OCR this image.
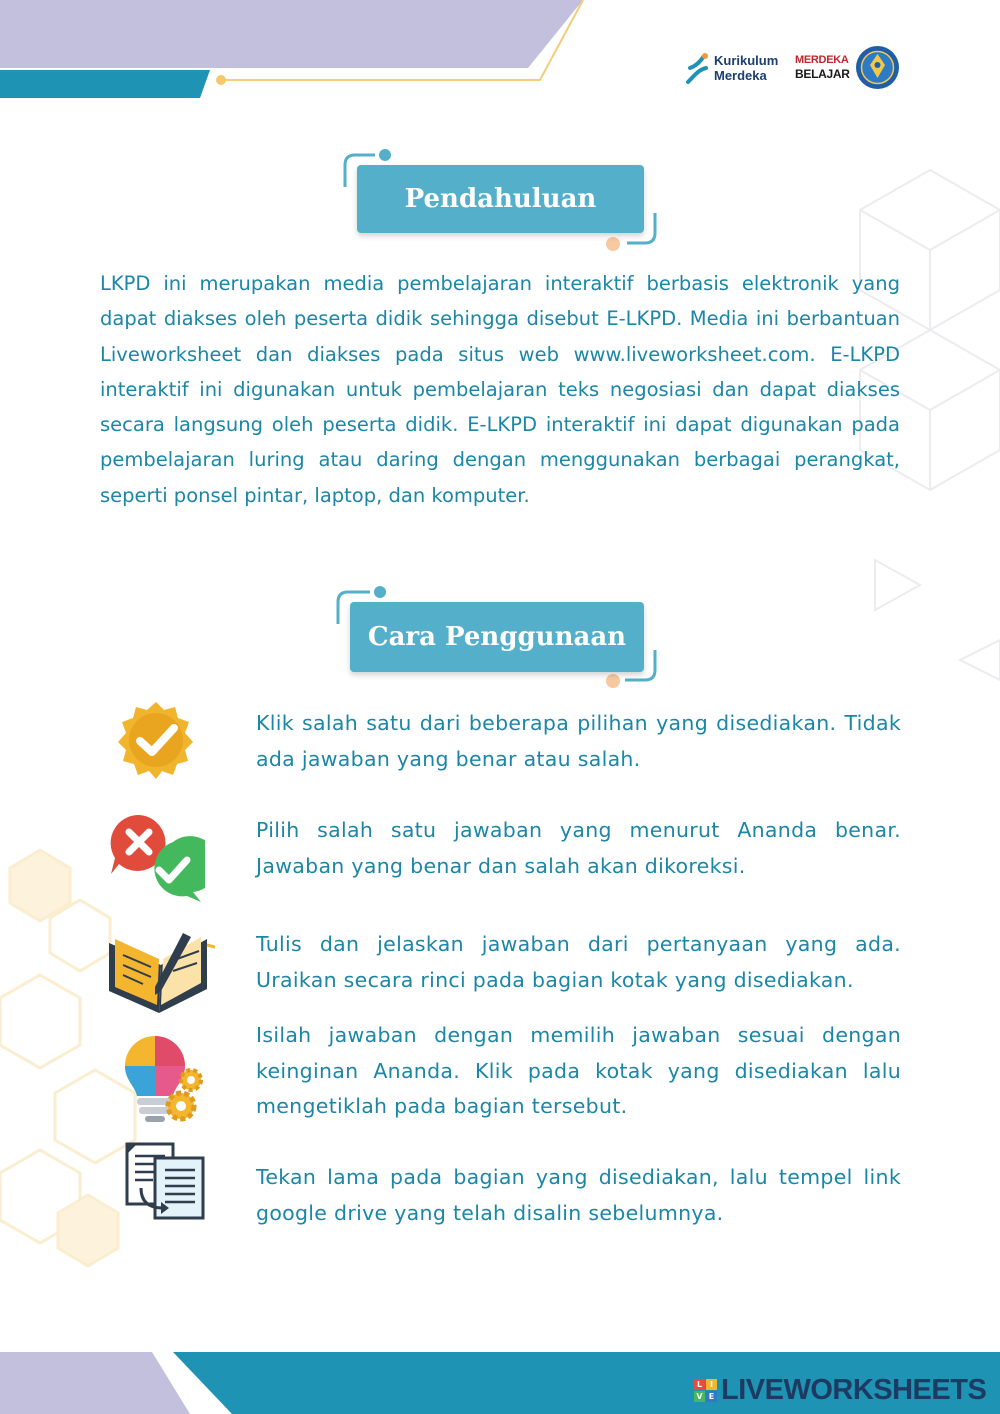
Kurikulum
Merdeka
MERDEKA
BELAJAR
Pendahuluan
LKPD ini merupakan media pembelajaran interaktif berbasis elektronik yang dapat diakses oleh peserta didik sehingga disebut E-LKPD. Media ini berbantuan Liveworksheet dan diakses pada situs web www.liveworksheet.com. E-LKPD interaktif ini digunakan untuk pembelajaran teks negosiasi dan dapat diakses secara langsung oleh peserta didik. E-LKPD interaktif ini dapat digunakan pada pembelajaran luring atau daring dengan menggunakan berbagai perangkat, seperti ponsel pintar, laptop, dan komputer.
Cara Penggunaan
Klik salah satu dari beberapa pilihan yang disediakan. Tidak ada jawaban yang benar atau salah.
Pilih salah satu jawaban yang menurut Ananda benar. Jawaban yang benar dan salah akan dikoreksi.
Tulis dan jelaskan jawaban dari pertanyaan yang ada. Uraikan secara rinci pada bagian kotak yang disediakan.
Isilah jawaban dengan memilih jawaban sesuai dengan keinginan Ananda. Klik pada kotak yang disediakan lalu mengetiklah pada bagian tersebut.
Tekan lama pada bagian yang disediakan, lalu tempel link google drive yang telah disalin sebelumnya.
L I
V E LIVEWORKSHEETS
